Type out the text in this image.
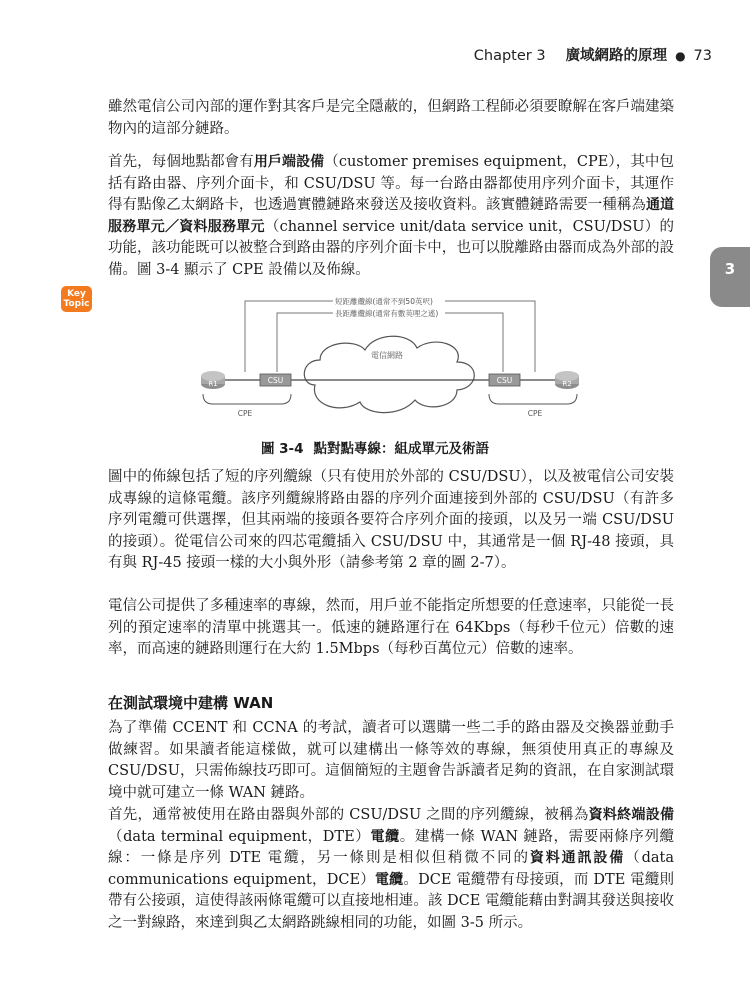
Chapter 3 廣域網路的原理 ● 73
3
Key
Topic

雖然電信公司內部的運作對其客戶是完全隱蔽的，但網路工程師必須要瞭解在客戶端建築物內的這部分鏈路。

首先，每個地點都會有用戶端設備（customer premises equipment，CPE），其中包括有路由器、序列介面卡，和 CSU/DSU 等。每一台路由器都使用序列介面卡，其運作得有點像乙太網路卡，也透過實體鏈路來發送及接收資料。該實體鏈路需要一種稱為通道服務單元／資料服務單元（channel service unit/data service unit，CSU/DSU）的功能，該功能既可以被整合到路由器的序列介面卡中，也可以脫離路由器而成為外部的設備。圖 3-4 顯示了 CPE 設備以及佈線。

短距離纜線(通常不到50英呎)
長距離纜線(通常有數英哩之遙)
電信網路
R1	R2
CSU	CSU
CPE	CPE
圖 3-4 點對點專線：組成單元及術語

圖中的佈線包括了短的序列纜線（只有使用於外部的 CSU/DSU），以及被電信公司安裝成專線的這條電纜。該序列纜線將路由器的序列介面連接到外部的 CSU/DSU（有許多序列電纜可供選擇，但其兩端的接頭各要符合序列介面的接頭，以及另一端 CSU/DSU 的接頭）。從電信公司來的四芯電纜插入 CSU/DSU 中，其通常是一個 RJ-48 接頭，具有與 RJ-45 接頭一樣的大小與外形（請參考第 2 章的圖 2-7）。

電信公司提供了多種速率的專線，然而，用戶並不能指定所想要的任意速率，只能從一長列的預定速率的清單中挑選其一。低速的鏈路運行在 64Kbps（每秒千位元）倍數的速率，而高速的鏈路則運行在大約 1.5Mbps（每秒百萬位元）倍數的速率。

在測試環境中建構 WAN

為了準備 CCENT 和 CCNA 的考試，讀者可以選購一些二手的路由器及交換器並動手做練習。如果讀者能這樣做，就可以建構出一條等效的專線，無須使用真正的專線及 CSU/DSU，只需佈線技巧即可。這個簡短的主題會告訴讀者足夠的資訊，在自家測試環境中就可建立一條 WAN 鏈路。

首先，通常被使用在路由器與外部的 CSU/DSU 之間的序列纜線，被稱為資料終端設備（data terminal equipment，DTE）電纜。建構一條 WAN 鏈路，需要兩條序列纜線：一條是序列 DTE 電纜，另一條則是相似但稍微不同的資料通訊設備（data communications equipment，DCE）電纜。DCE 電纜帶有母接頭，而 DTE 電纜則帶有公接頭，這使得該兩條電纜可以直接地相連。該 DCE 電纜能藉由對調其發送與接收之一對線路，來達到與乙太網路跳線相同的功能，如圖 3-5 所示。
